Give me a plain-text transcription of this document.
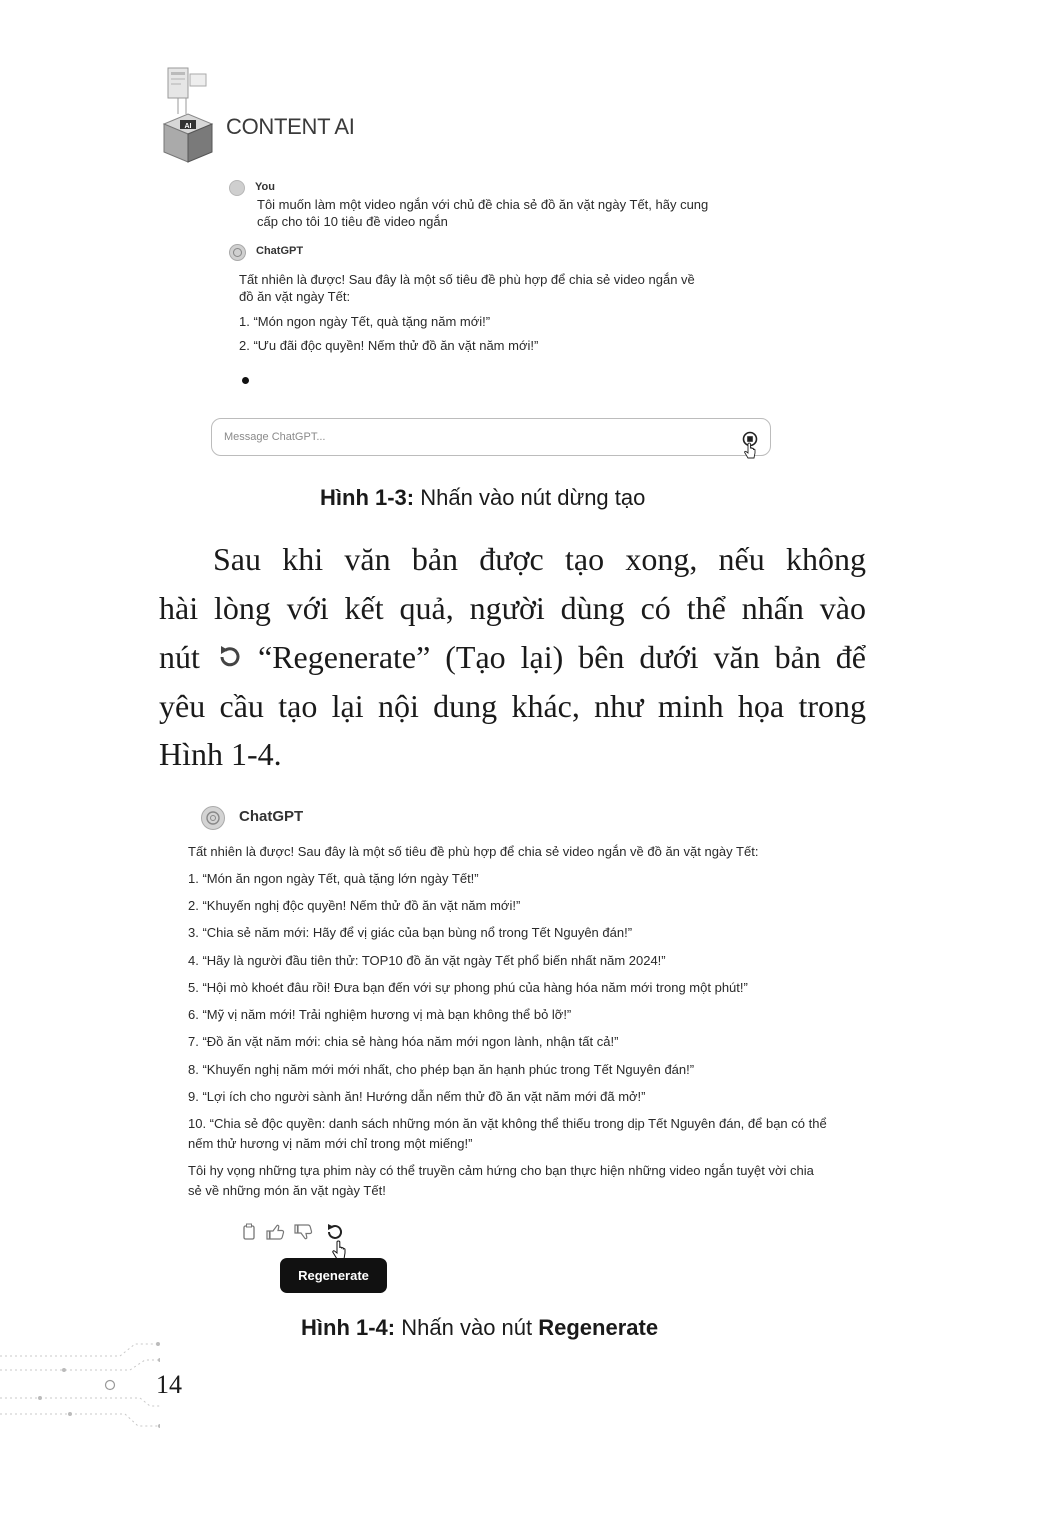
AI CONTENT AI
You
Tôi muốn làm một video ngắn với chủ đề chia sẻ đồ ăn vặt ngày Tết, hãy cung
cấp cho tôi 10 tiêu đề video ngắn
ChatGPT
Tất nhiên là được! Sau đây là một số tiêu đề phù hợp để chia sẻ video ngắn về
đồ ăn vặt ngày Tết:
1. “Món ngon ngày Tết, quà tặng năm mới!”
2. “Ưu đãi độc quyền! Nếm thử đồ ăn vặt năm mới!”
Message ChatGPT...
Hình 1-3: Nhấn vào nút dừng tạo
Sau khi văn bản được tạo xong, nếu không
hài lòng với kết quả, người dùng có thể nhấn vào
nút	“Regenerate” (Tạo lại) bên dưới văn bản để
yêu cầu tạo lại nội dung khác, như minh họa trong
Hình 1-4.
ChatGPT
Tất nhiên là được! Sau đây là một số tiêu đề phù hợp để chia sẻ video ngắn về đồ ăn vặt ngày Tết:
1. “Món ăn ngon ngày Tết, quà tặng lớn ngày Tết!”
2. “Khuyến nghị độc quyền! Nếm thử đồ ăn vặt năm mới!”
3. “Chia sẻ năm mới: Hãy để vị giác của bạn bùng nổ trong Tết Nguyên đán!”
4. “Hãy là người đầu tiên thử: TOP10 đồ ăn vặt ngày Tết phổ biến nhất năm 2024!”
5. “Hội mò khoét đâu rồi! Đưa bạn đến với sự phong phú của hàng hóa năm mới trong một phút!”
6. “Mỹ vị năm mới! Trải nghiệm hương vị mà bạn không thể bỏ lỡ!”
7. “Đồ ăn vặt năm mới: chia sẻ hàng hóa năm mới ngon lành, nhận tất cả!”
8. “Khuyến nghị năm mới mới nhất, cho phép bạn ăn hạnh phúc trong Tết Nguyên đán!”
9. “Lợi ích cho người sành ăn! Hướng dẫn nếm thử đồ ăn vặt năm mới đã mở!”
10. “Chia sẻ độc quyền: danh sách những món ăn vặt không thể thiếu trong dịp Tết Nguyên đán, để bạn có thể
nếm thử hương vị năm mới chỉ trong một miếng!”
Tôi hy vọng những tựa phim này có thể truyền cảm hứng cho bạn thực hiện những video ngắn tuyệt vời chia
sẻ về những món ăn vặt ngày Tết!
Regenerate
Hình 1-4: Nhấn vào nút Regenerate
14
